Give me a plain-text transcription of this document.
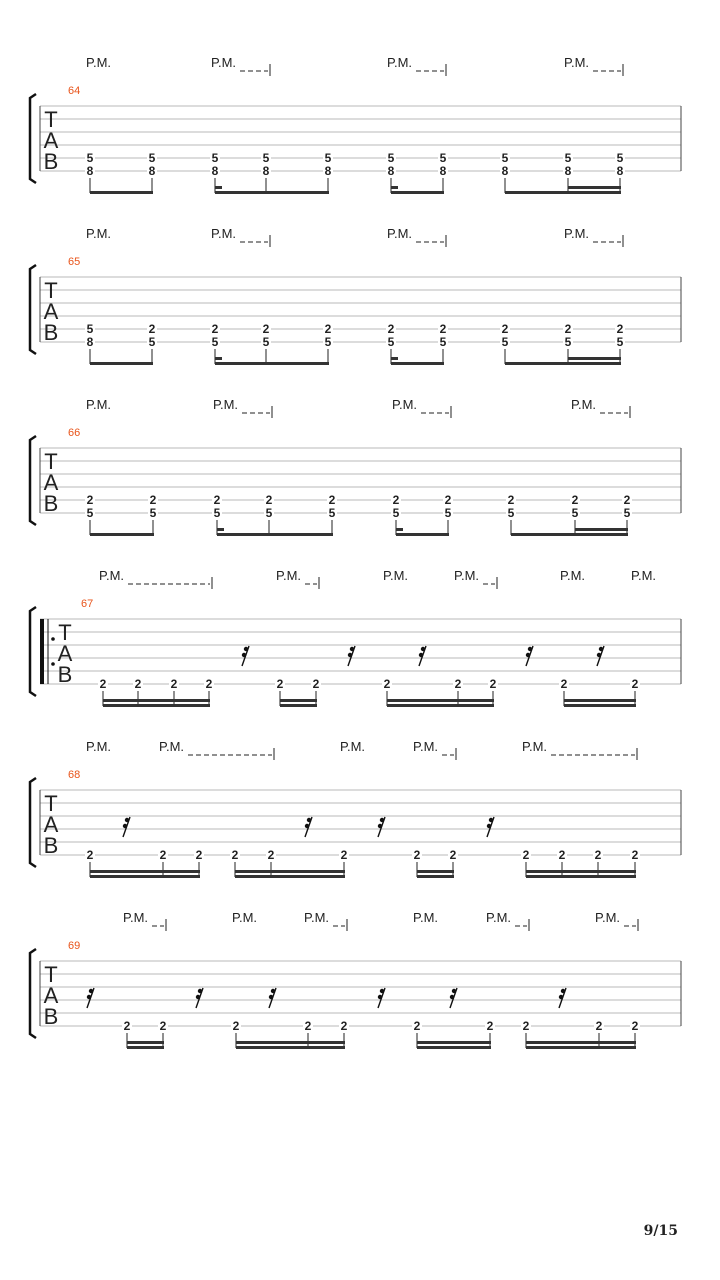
T
A
B
64
P.M.	P.M.	P.M.	P.M.
5
8
5
8
5
8
5
8
5
8
5
8
5
8
5
8
5
8
5
8
T
A
B
65
P.M.	P.M.	P.M.	P.M.
5
8
2
5
2
5
2
5
2
5
2
5
2
5
2
5
2
5
2
5
T
A
B
66
P.M.	P.M.	P.M.	P.M.
2
5
2
5
2
5
2
5
2
5
2
5
2
5
2
5
2
5
2
5
T
A
B
67
P.M.	P.M.	P.M.	P.M.	P.M.	P.M.
2 2 2 2	2 2	2	2 2	2	2
T
A
B
68
P.M.	P.M.	P.M.	P.M.	P.M.
2	2 2 2 2	2	2 2	2 2 2	2
T
A
B
69
P.M.	P.M.	P.M.	P.M.	P.M.	P.M.
2 2	2	2 2	2	2 2	2 2
9/15
